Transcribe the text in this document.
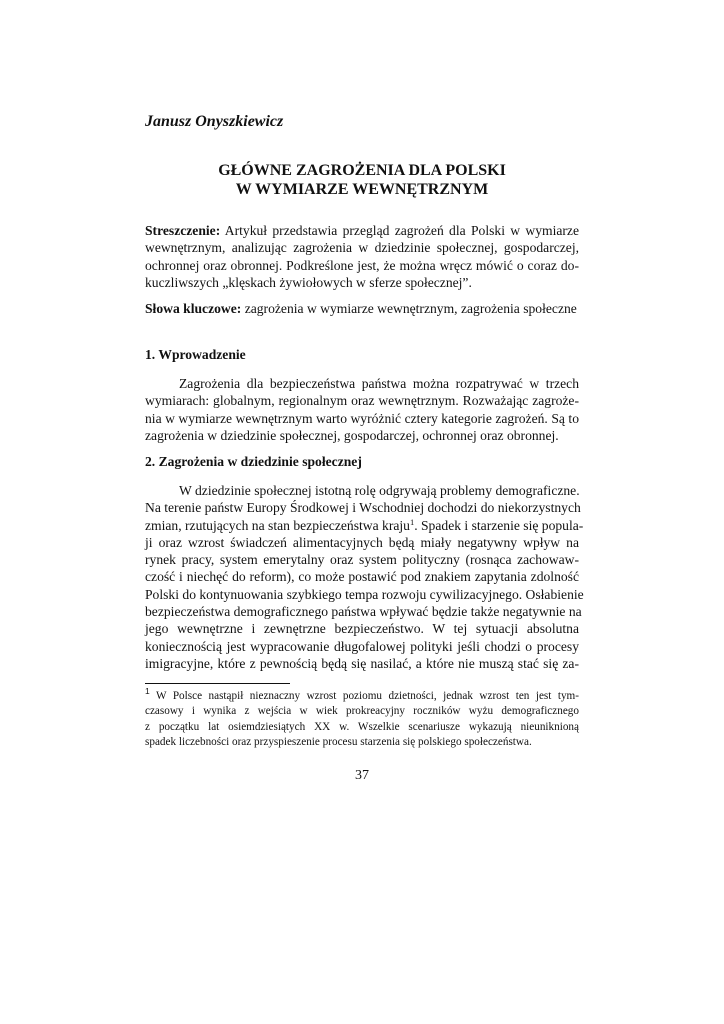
Janusz Onyszkiewicz
GŁÓWNE ZAGROŻENIA DLA POLSKI
W WYMIARZE WEWNĘTRZNYM
Streszczenie: Artykuł przedstawia przegląd zagrożeń dla Polski w wymiarze
wewnętrznym, analizując zagrożenia w dziedzinie społecznej, gospodarczej,
ochronnej oraz obronnej. Podkreślone jest, że można wręcz mówić o coraz do-
kuczliwszych „klęskach żywiołowych w sferze społecznej”.
Słowa kluczowe: zagrożenia w wymiarze wewnętrznym, zagrożenia społeczne
1. Wprowadzenie
Zagrożenia dla bezpieczeństwa państwa można rozpatrywać w trzech
wymiarach: globalnym, regionalnym oraz wewnętrznym. Rozważając zagroże-
nia w wymiarze wewnętrznym warto wyróżnić cztery kategorie zagrożeń. Są to
zagrożenia w dziedzinie społecznej, gospodarczej, ochronnej oraz obronnej.
2. Zagrożenia w dziedzinie społecznej
W dziedzinie społecznej istotną rolę odgrywają problemy demograficzne.
Na terenie państw Europy Środkowej i Wschodniej dochodzi do niekorzystnych
zmian, rzutujących na stan bezpieczeństwa kraju$^1$. Spadek i starzenie się popula-
ji oraz wzrost świadczeń alimentacyjnych będą miały negatywny wpływ na
rynek pracy, system emerytalny oraz system polityczny (rosnąca zachowaw-
czość i niechęć do reform), co może postawić pod znakiem zapytania zdolność
Polski do kontynuowania szybkiego tempa rozwoju cywilizacyjnego. Osłabienie
bezpieczeństwa demograficznego państwa wpływać będzie także negatywnie na
jego wewnętrzne i zewnętrzne bezpieczeństwo. W tej sytuacji absolutna
koniecznością jest wypracowanie długofalowej polityki jeśli chodzi o procesy
imigracyjne, które z pewnością będą się nasilać, a które nie muszą stać się za-
$^1$ W Polsce nastąpił nieznaczny wzrost poziomu dzietności, jednak wzrost ten jest tym-
czasowy i wynika z wejścia w wiek prokreacyjny roczników wyżu demograficznego
z początku lat osiemdziesiątych XX w. Wszelkie scenariusze wykazują nieuniknioną
spadek liczebności oraz przyspieszenie procesu starzenia się polskiego społeczeństwa.
37
